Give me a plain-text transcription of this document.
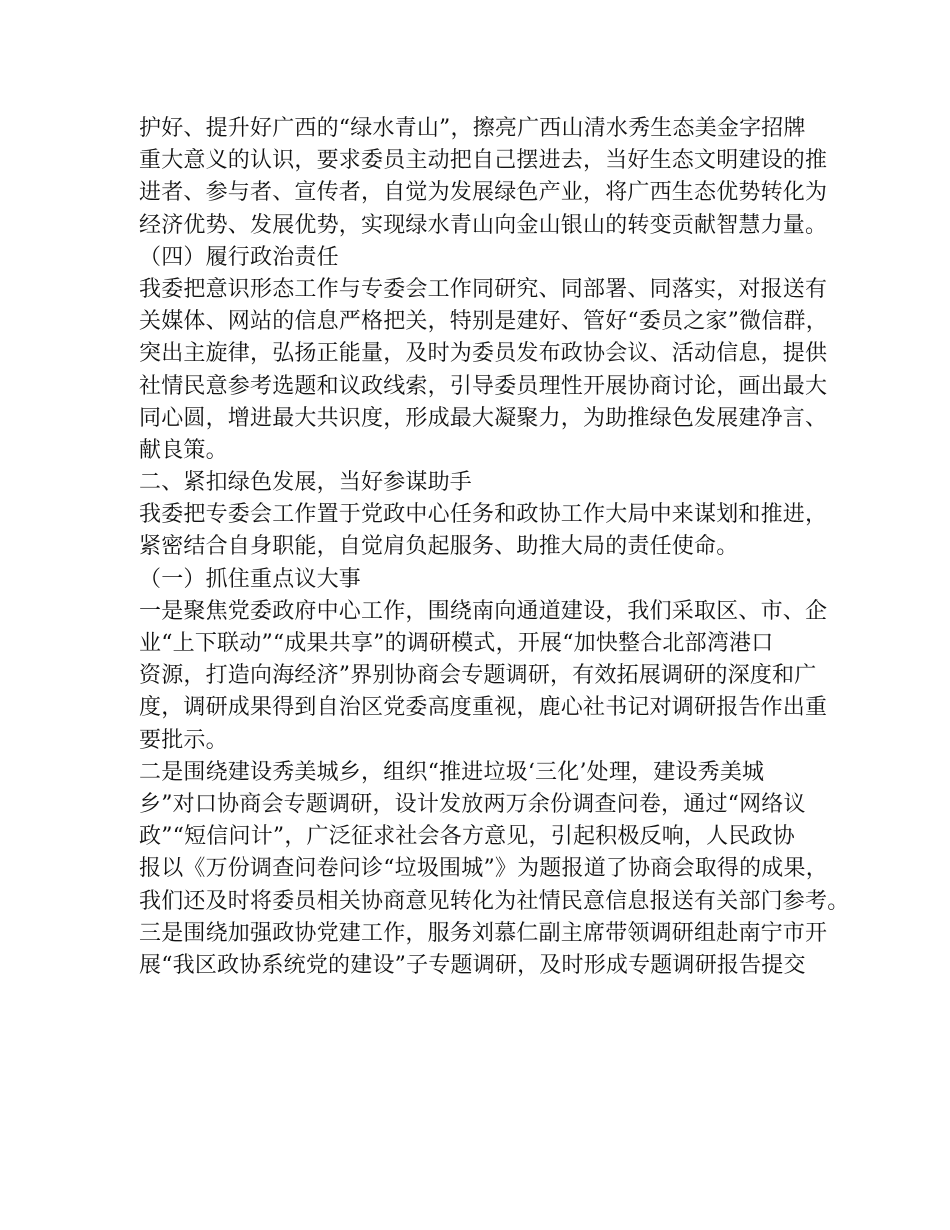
护好、提升好广西的“绿水青山”，擦亮广西山清水秀生态美金字招牌
重大意义的认识，要求委员主动把自己摆进去，当好生态文明建设的推
进者、参与者、宣传者，自觉为发展绿色产业，将广西生态优势转化为
经济优势、发展优势，实现绿水青山向金山银山的转变贡献智慧力量。
（四）履行政治责任
我委把意识形态工作与专委会工作同研究、同部署、同落实，对报送有
关媒体、网站的信息严格把关，特别是建好、管好“委员之家”微信群，
突出主旋律，弘扬正能量，及时为委员发布政协会议、活动信息，提供
社情民意参考选题和议政线索，引导委员理性开展协商讨论，画出最大
同心圆，增进最大共识度，形成最大凝聚力，为助推绿色发展建净言、
献良策。
二、紧扣绿色发展，当好参谋助手
我委把专委会工作置于党政中心任务和政协工作大局中来谋划和推进，
紧密结合自身职能，自觉肩负起服务、助推大局的责任使命。
（一）抓住重点议大事
一是聚焦党委政府中心工作，围绕南向通道建设，我们采取区、市、企
业“上下联动”“成果共享”的调研模式，开展“加快整合北部湾港口
资源，打造向海经济”界别协商会专题调研，有效拓展调研的深度和广
度，调研成果得到自治区党委高度重视，鹿心社书记对调研报告作出重
要批示。
二是围绕建设秀美城乡，组织“推进垃圾‘三化’处理，建设秀美城
乡”对口协商会专题调研，设计发放两万余份调查问卷，通过“网络议
政”“短信问计”，广泛征求社会各方意见，引起积极反响，人民政协
报以《万份调查问卷问诊“垃圾围城”》为题报道了协商会取得的成果，
我们还及时将委员相关协商意见转化为社情民意信息报送有关部门参考。
三是围绕加强政协党建工作，服务刘慕仁副主席带领调研组赴南宁市开
展“我区政协系统党的建设”子专题调研，及时形成专题调研报告提交
